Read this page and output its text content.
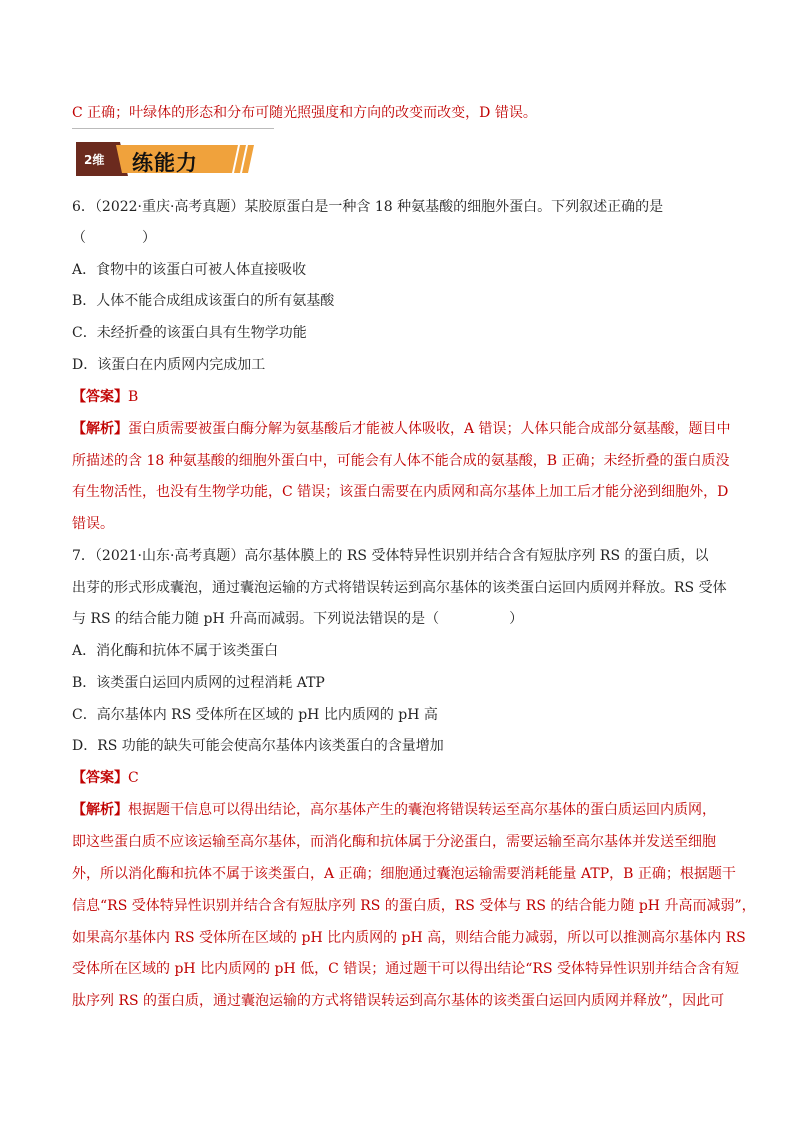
C 正确；叶绿体的形态和分布可随光照强度和方向的改变而改变，D 错误。
2维 练能力
6．（2022·重庆·高考真题）某胶原蛋白是一种含 18 种氨基酸的细胞外蛋白。下列叙述正确的是
（　　　　）
A．食物中的该蛋白可被人体直接吸收
B．人体不能合成组成该蛋白的所有氨基酸
C．未经折叠的该蛋白具有生物学功能
D．该蛋白在内质网内完成加工
【答案】B
【解析】蛋白质需要被蛋白酶分解为氨基酸后才能被人体吸收，A 错误；人体只能合成部分氨基酸，题目中
所描述的含 18 种氨基酸的细胞外蛋白中，可能会有人体不能合成的氨基酸，B 正确；未经折叠的蛋白质没
有生物活性，也没有生物学功能，C 错误；该蛋白需要在内质网和高尔基体上加工后才能分泌到细胞外，D
错误。
7．（2021·山东·高考真题）高尔基体膜上的 RS 受体特异性识别并结合含有短肽序列 RS 的蛋白质，以
出芽的形式形成囊泡，通过囊泡运输的方式将错误转运到高尔基体的该类蛋白运回内质网并释放。RS 受体
与 RS 的结合能力随 pH 升高而减弱。下列说法错误的是（　　　　　）
A．消化酶和抗体不属于该类蛋白
B．该类蛋白运回内质网的过程消耗 ATP
C．高尔基体内 RS 受体所在区域的 pH 比内质网的 pH 高
D．RS 功能的缺失可能会使高尔基体内该类蛋白的含量增加
【答案】C
【解析】根据题干信息可以得出结论，高尔基体产生的囊泡将错误转运至高尔基体的蛋白质运回内质网，
即这些蛋白质不应该运输至高尔基体，而消化酶和抗体属于分泌蛋白，需要运输至高尔基体并发送至细胞
外，所以消化酶和抗体不属于该类蛋白，A 正确；细胞通过囊泡运输需要消耗能量 ATP，B 正确；根据题干
信息“RS 受体特异性识别并结合含有短肽序列 RS 的蛋白质，RS 受体与 RS 的结合能力随 pH 升高而减弱”，
如果高尔基体内 RS 受体所在区域的 pH 比内质网的 pH 高，则结合能力减弱，所以可以推测高尔基体内 RS
受体所在区域的 pH 比内质网的 pH 低，C 错误；通过题干可以得出结论“RS 受体特异性识别并结合含有短
肽序列 RS 的蛋白质，通过囊泡运输的方式将错误转运到高尔基体的该类蛋白运回内质网并释放”，因此可
